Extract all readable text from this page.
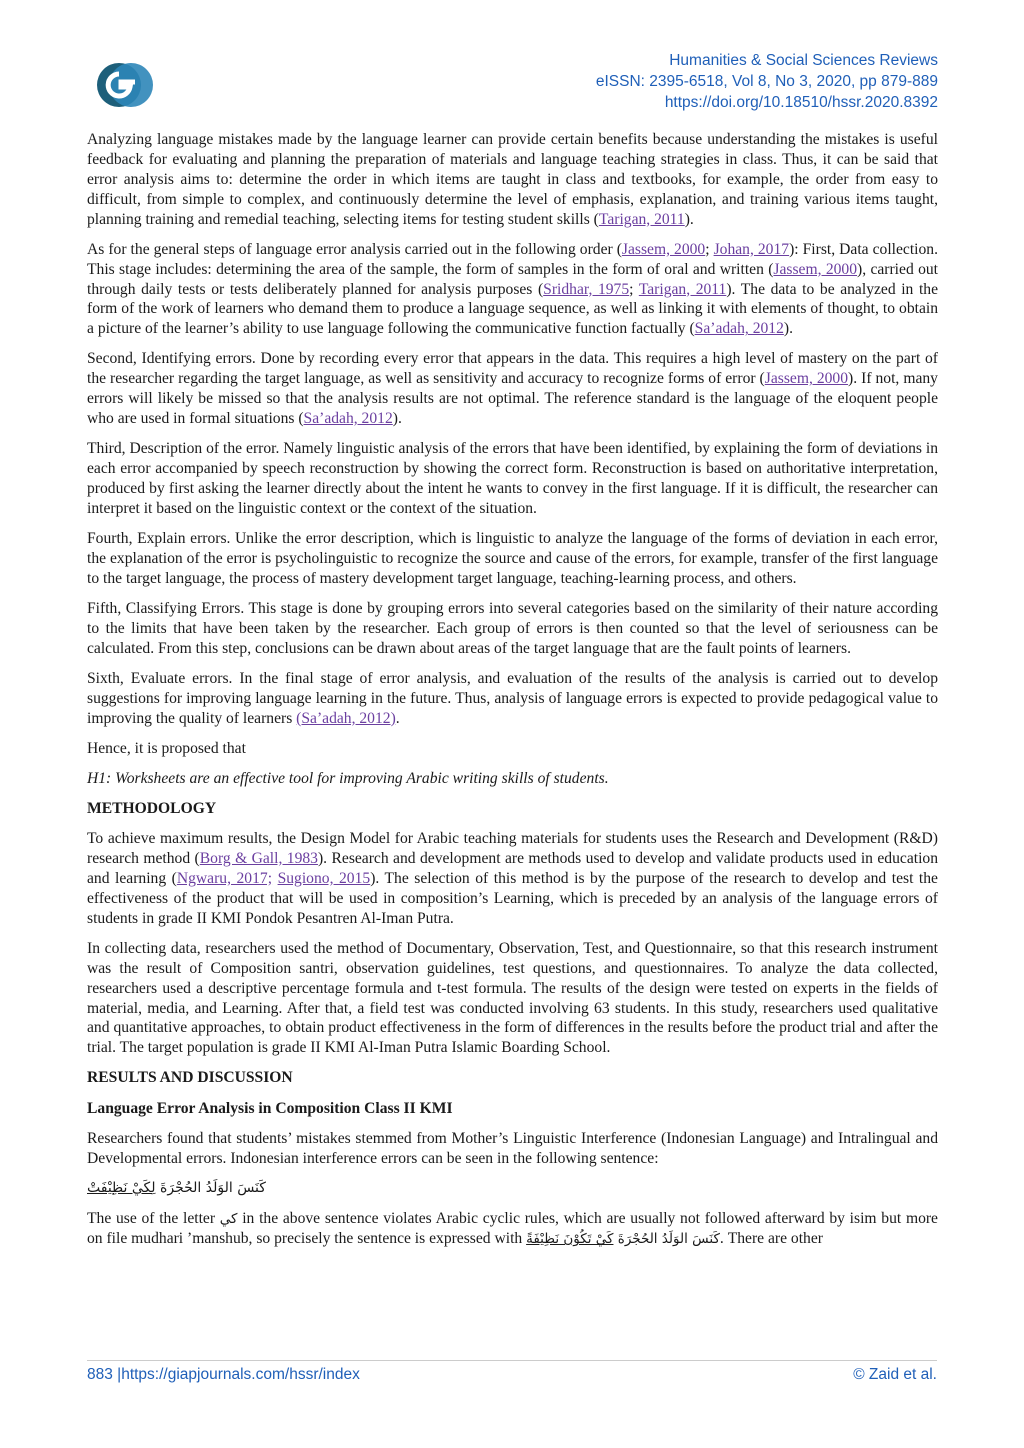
Humanities & Social Sciences Reviews
eISSN: 2395-6518, Vol 8, No 3, 2020, pp 879-889
https://doi.org/10.18510/hssr.2020.8392

Analyzing language mistakes made by the language learner can provide certain benefits because understanding the mistakes is useful feedback for evaluating and planning the preparation of materials and language teaching strategies in class. Thus, it can be said that error analysis aims to: determine the order in which items are taught in class and textbooks, for example, the order from easy to difficult, from simple to complex, and continuously determine the level of emphasis, explanation, and training various items taught, planning training and remedial teaching, selecting items for testing student skills (Tarigan, 2011).

As for the general steps of language error analysis carried out in the following order (Jassem, 2000; Johan, 2017): First, Data collection. This stage includes: determining the area of the sample, the form of samples in the form of oral and written (Jassem, 2000), carried out through daily tests or tests deliberately planned for analysis purposes (Sridhar, 1975; Tarigan, 2011). The data to be analyzed in the form of the work of learners who demand them to produce a language sequence, as well as linking it with elements of thought, to obtain a picture of the learner’s ability to use language following the communicative function factually (Sa’adah, 2012).

Second, Identifying errors. Done by recording every error that appears in the data. This requires a high level of mastery on the part of the researcher regarding the target language, as well as sensitivity and accuracy to recognize forms of error (Jassem, 2000). If not, many errors will likely be missed so that the analysis results are not optimal. The reference standard is the language of the eloquent people who are used in formal situations (Sa’adah, 2012).

Third, Description of the error. Namely linguistic analysis of the errors that have been identified, by explaining the form of deviations in each error accompanied by speech reconstruction by showing the correct form. Reconstruction is based on authoritative interpretation, produced by first asking the learner directly about the intent he wants to convey in the first language. If it is difficult, the researcher can interpret it based on the linguistic context or the context of the situation.

Fourth, Explain errors. Unlike the error description, which is linguistic to analyze the language of the forms of deviation in each error, the explanation of the error is psycholinguistic to recognize the source and cause of the errors, for example, transfer of the first language to the target language, the process of mastery development target language, teaching-learning process, and others.

Fifth, Classifying Errors. This stage is done by grouping errors into several categories based on the similarity of their nature according to the limits that have been taken by the researcher. Each group of errors is then counted so that the level of seriousness can be calculated. From this step, conclusions can be drawn about areas of the target language that are the fault points of learners.

Sixth, Evaluate errors. In the final stage of error analysis, and evaluation of the results of the analysis is carried out to develop suggestions for improving language learning in the future. Thus, analysis of language errors is expected to provide pedagogical value to improving the quality of learners (Sa’adah, 2012).

Hence, it is proposed that

H1: Worksheets are an effective tool for improving Arabic writing skills of students.

METHODOLOGY

To achieve maximum results, the Design Model for Arabic teaching materials for students uses the Research and Development (R&D) research method (Borg & Gall, 1983). Research and development are methods used to develop and validate products used in education and learning (Ngwaru, 2017; Sugiono, 2015). The selection of this method is by the purpose of the research to develop and test the effectiveness of the product that will be used in composition’s Learning, which is preceded by an analysis of the language errors of students in grade II KMI Pondok Pesantren Al-Iman Putra.

In collecting data, researchers used the method of Documentary, Observation, Test, and Questionnaire, so that this research instrument was the result of Composition santri, observation guidelines, test questions, and questionnaires. To analyze the data collected, researchers used a descriptive percentage formula and t-test formula. The results of the design were tested on experts in the fields of material, media, and Learning. After that, a field test was conducted involving 63 students. In this study, researchers used qualitative and quantitative approaches, to obtain product effectiveness in the form of differences in the results before the product trial and after the trial. The target population is grade II KMI Al-Iman Putra Islamic Boarding School.

RESULTS AND DISCUSSION
Language Error Analysis in Composition Class II KMI

Researchers found that students’ mistakes stemmed from Mother’s Linguistic Interference (Indonesian Language) and Intralingual and Developmental errors. Indonesian interference errors can be seen in the following sentence:

كَنَسَ الوَلَدُ الحُجْرَةَ لِكَيْ نَظِيْفَتْ

The use of the letter كي in the above sentence violates Arabic cyclic rules, which are usually not followed afterward by isim but more on file mudhari ’manshub, so precisely the sentence is expressed with	كَنَسَ الوَلَدُ الحُجْرَةَ كَيْ تَكُوْنَ نَظِيْفَةً	. There are other

883 |https://giapjournals.com/hssr/index	© Zaid et al.
